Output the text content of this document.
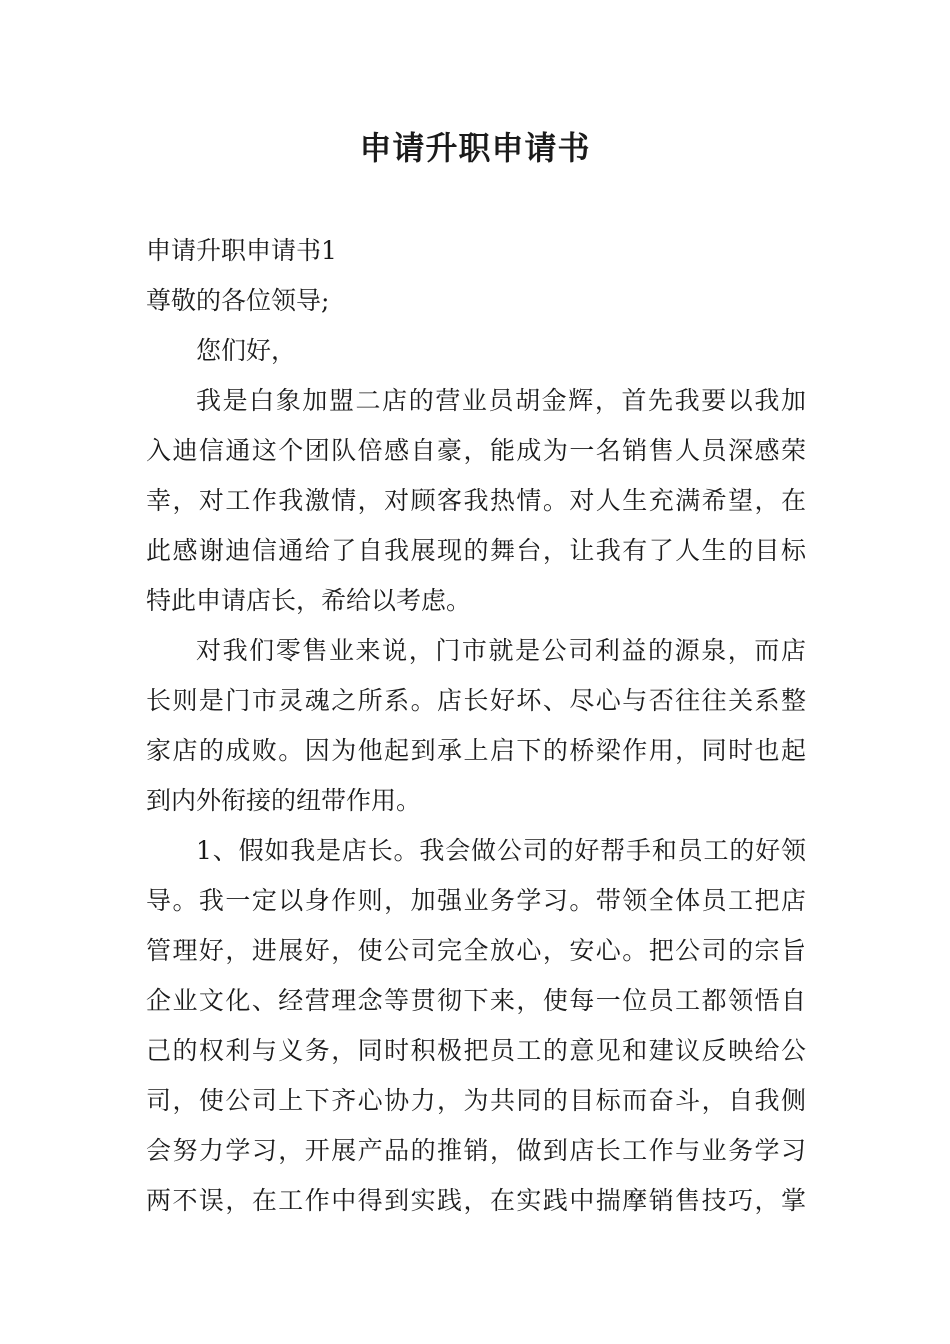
申请升职申请书
申请升职申请书1
尊敬的各位领导;
您们好，
我是白象加盟二店的营业员胡金辉，首先我要以我加
入迪信通这个团队倍感自豪，能成为一名销售人员深感荣
幸，对工作我激情，对顾客我热情。对人生充满希望，在
此感谢迪信通给了自我展现的舞台，让我有了人生的目标
特此申请店长，希给以考虑。
对我们零售业来说，门市就是公司利益的源泉，而店
长则是门市灵魂之所系。店长好坏、尽心与否往往关系整
家店的成败。因为他起到承上启下的桥梁作用，同时也起
到内外衔接的纽带作用。
1、假如我是店长。我会做公司的好帮手和员工的好领
导。我一定以身作则，加强业务学习。带领全体员工把店
管理好，进展好，使公司完全放心，安心。把公司的宗旨
企业文化、经营理念等贯彻下来，使每一位员工都领悟自
己的权利与义务，同时积极把员工的意见和建议反映给公
司，使公司上下齐心协力，为共同的目标而奋斗，自我侧
会努力学习，开展产品的推销，做到店长工作与业务学习
两不误，在工作中得到实践，在实践中揣摩销售技巧，掌
